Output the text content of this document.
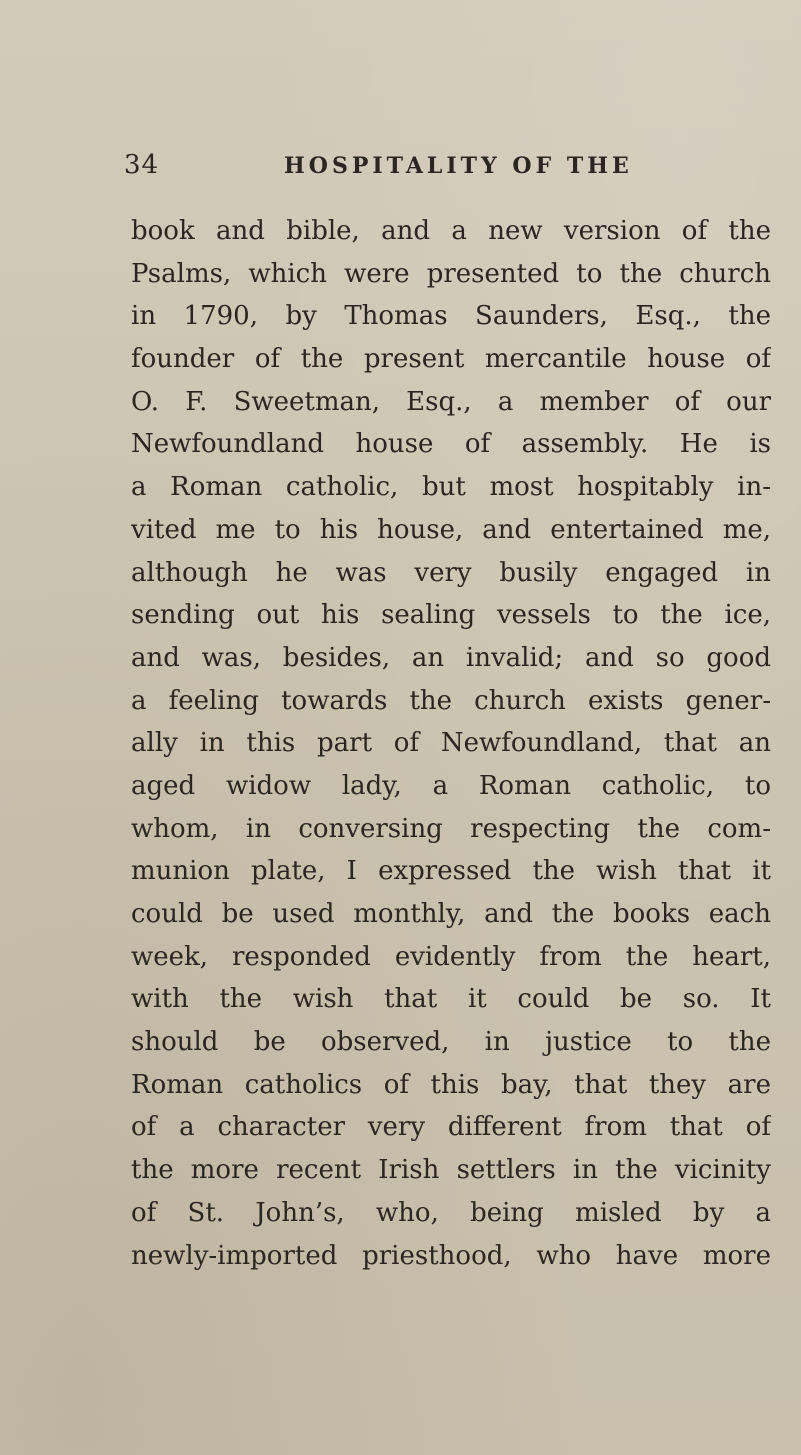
34	HOSPITALITY OF THE
book and bible, and a new version of the
Psalms, which were presented to the church
in 1790, by Thomas Saunders, Esq., the
founder of the present mercantile house of
O. F. Sweetman, Esq., a member of our
Newfoundland house of assembly. He is
a Roman catholic, but most hospitably in-
vited me to his house, and entertained me,
although he was very busily engaged in
sending out his sealing vessels to the ice,
and was, besides, an invalid; and so good
a feeling towards the church exists gener-
ally in this part of Newfoundland, that an
aged widow lady, a Roman catholic, to
whom, in conversing respecting the com-
munion plate, I expressed the wish that it
could be used monthly, and the books each
week, responded evidently from the heart,
with the wish that it could be so. It
should be observed, in justice to the
Roman catholics of this bay, that they are
of a character very different from that of
the more recent Irish settlers in the vicinity
of St. John’s, who, being misled by a
newly-imported priesthood, who have more
